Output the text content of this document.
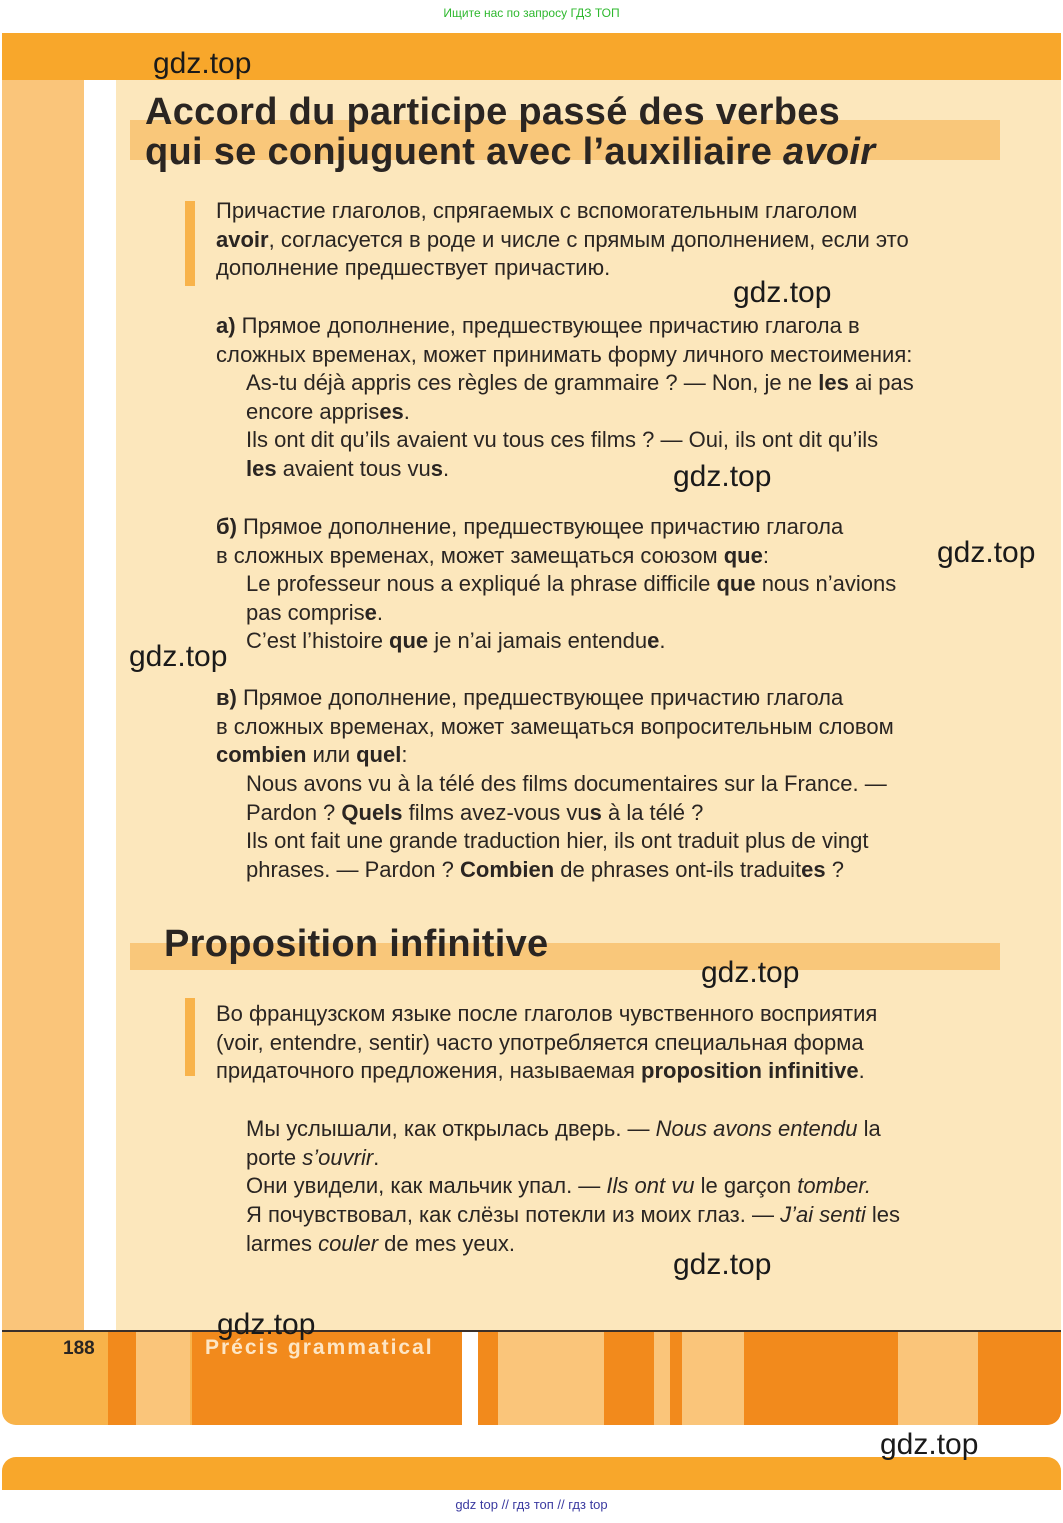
Ищите нас по запросу ГДЗ ТОП
Accord du participe passé des verbes
qui se conjuguent avec l’auxiliaire avoir
Причастие глаголов, спрягаемых с вспомогательным глаголом
avoir, согласуется в роде и числе с прямым дополнением, если это
дополнение предшествует причастию.
а) Прямое дополнение, предшествующее причастию глагола в
сложных временах, может принимать форму личного местоимения:
As-tu déjà appris ces règles de grammaire ? — Non, je ne les ai pas
encore apprises.
Ils ont dit qu’ils avaient vu tous ces films ? — Oui, ils ont dit qu’ils
les avaient tous vus.
б) Прямое дополнение, предшествующее причастию глагола
в сложных временах, может замещаться союзом que:
Le professeur nous a expliqué la phrase difficile que nous n’avions
pas comprise.
C’est l’histoire que je n’ai jamais entendue.
в) Прямое дополнение, предшествующее причастию глагола
в сложных временах, может замещаться вопросительным словом
combien или quel:
Nous avons vu à la télé des films documentaires sur la France. —
Pardon ? Quels films avez-vous vus à la télé ?
Ils ont fait une grande traduction hier, ils ont traduit plus de vingt
phrases. — Pardon ? Combien de phrases ont-ils traduites ?
Proposition infinitive
Во французском языке после глаголов чувственного восприятия
(voir, entendre, sentir) часто употребляется специальная форма
придаточного предложения, называемая proposition infinitive.
Мы услышали, как открылась дверь. — Nous avons entendu la
porte s’ouvrir.
Они увидели, как мальчик упал. — Ils ont vu le garçon tomber.
Я почувствовал, как слёзы потекли из моих глаз. — J’ai senti les
larmes couler de mes yeux.
188	Précis grammatical
gdz.top
gdz.top
gdz.top
gdz.top
gdz.top
gdz.top
gdz.top
gdz.top
gdz.top
gdz top // гдз топ // гдз top
